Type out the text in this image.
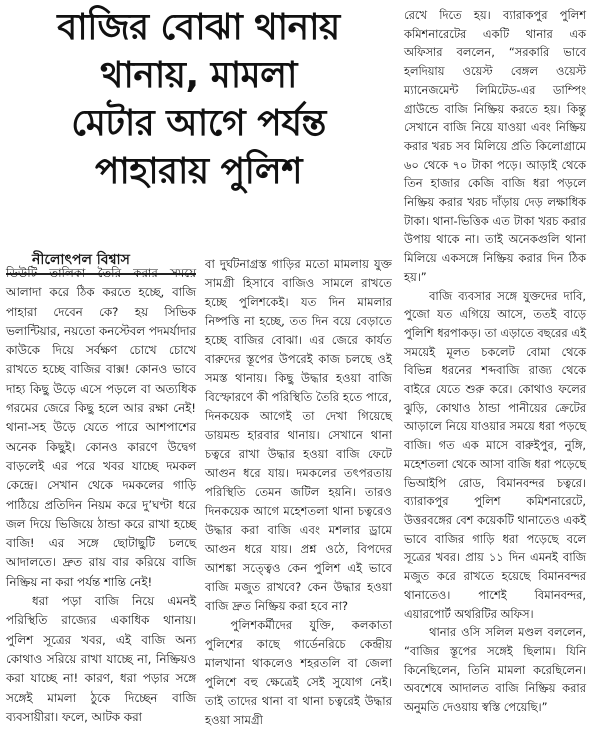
বাজির বোঝা থানায়
থানায়, মামলা
মেটার আগে পর্যন্ত
পাহারায় পুলিশ
নীলোৎপল বিশ্বাস

ডিউটি তালিকা তৈরি করার সময়ে আলাদা করে ঠিক করতে হচ্ছে, বাজি পাহারা দেবেন কে? হয় সিভিক ভলান্টিয়ার, নয়তো কনস্টেবল পদমর্যাদার কাউকে দিয়ে সর্বক্ষণ চোখে চোখে রাখতে হচ্ছে বাজির বাক্স! কোনও ভাবে দাহ্য কিছু উড়ে এসে পড়লে বা অত্যধিক গরমের জেরে কিছু হলে আর রক্ষা নেই! থানা-সহ উড়ে যেতে পারে আশপাশের অনেক কিছুই। কোনও কারণে উদ্বেগ বাড়লেই এর পরে খবর যাচ্ছে দমকল কেন্দ্রে। সেখান থেকে দমকলের গাড়ি পাঠিয়ে প্রতিদিন নিয়ম করে দু’ঘণ্টা ধরে জল দিয়ে ভিজিয়ে ঠান্ডা করে রাখা হচ্ছে বাজি! এর সঙ্গে ছোটাছুটি চলছে আদালতে। দ্রুত রায় বার করিয়ে বাজি নিষ্ক্রিয় না করা পর্যন্ত শান্তি নেই!

ধরা পড়া বাজি নিয়ে এমনই পরিস্থিতি রাজ্যের একাধিক থানায়। পুলিশ সূত্রের খবর, এই বাজি অন্য কোথাও সরিয়ে রাখা যাচ্ছে না, নিষ্ক্রিয়ও করা যাচ্ছে না! কারণ, ধরা পড়ার সঙ্গে সঙ্গেই মামলা ঠুকে দিচ্ছেন বাজি ব্যবসায়ীরা। ফলে, আটক করা

বা দুর্ঘটনাগ্রস্ত গাড়ির মতো মামলায় যুক্ত সামগ্রী হিসাবে বাজিও সামলে রাখতে হচ্ছে পুলিশকেই। যত দিন মামলার নিষ্পত্তি না হচ্ছে, তত দিন বয়ে বেড়াতে হচ্ছে বাজির বোঝা। এর জেরে কার্যত বারুদের স্তূপের উপরেই কাজ চলছে ওই সমস্ত থানায়। কিছু উদ্ধার হওয়া বাজি বিস্ফোরণে কী পরিস্থিতি তৈরি হতে পারে, দিনকয়েক আগেই তা দেখা গিয়েছে ডায়মন্ড হারবার থানায়। সেখানে থানা চত্বরে রাখা উদ্ধার হওয়া বাজি ফেটে আগুন ধরে যায়। দমকলের তৎপরতায় পরিস্থিতি তেমন জটিল হয়নি। তারও দিনকয়েক আগে মহেশতলা থানা চত্বরেও উদ্ধার করা বাজি এবং মশলার ড্রামে আগুন ধরে যায়। প্রশ্ন ওঠে, বিপদের আশঙ্কা সত্ত্বেও কেন পুলিশ এই ভাবে বাজি মজুত রাখবে? কেন উদ্ধার হওয়া বাজি দ্রুত নিষ্ক্রিয় করা হবে না?

পুলিশকর্মীদের যুক্তি, কলকাতা পুলিশের কাছে গার্ডেনরিচে কেন্দ্রীয় মালখানা থাকলেও শহরতলি বা জেলা পুলিশে বহু ক্ষেত্রেই সেই সুযোগ নেই। তাই তাদের থানা বা থানা চত্বরেই উদ্ধার হওয়া সামগ্রী

রেখে দিতে হয়। ব্যারাকপুর পুলিশ কমিশনারেটের একটি থানার এক অফিসার বললেন, “সরকারি ভাবে হলদিয়ায় ওয়েস্ট বেঙ্গল ওয়েস্ট ম্যানেজমেন্ট লিমিটেড-এর ডাম্পিং গ্রাউন্ডে বাজি নিষ্ক্রিয় করতে হয়। কিন্তু সেখানে বাজি নিয়ে যাওয়া এবং নিষ্ক্রিয় করার খরচ সব মিলিয়ে প্রতি কিলোগ্রামে ৬০ থেকে ৭০ টাকা পড়ে। আড়াই থেকে তিন হাজার কেজি বাজি ধরা পড়লে নিষ্ক্রিয় করার খরচ দাঁড়ায় দেড় লক্ষাধিক টাকা। থানা-ভিত্তিক এত টাকা খরচ করার উপায় থাকে না। তাই অনেকগুলি থানা মিলিয়ে একসঙ্গে নিষ্ক্রিয় করার দিন ঠিক হয়।”

বাজি ব্যবসার সঙ্গে যুক্তদের দাবি, পুজো যত এগিয়ে আসে, ততই বাড়ে পুলিশি ধরপাকড়। তা এড়াতে বছরের এই সময়েই মূলত চকলেট বোমা থেকে বিভিন্ন ধরনের শব্দবাজি রাজ্য থেকে বাইরে যেতে শুরু করে। কোথাও ফলের ঝুড়ি, কোথাও ঠান্ডা পানীয়ের ক্রেটের আড়ালে নিয়ে যাওয়ার সময়ে ধরা পড়ছে বাজি। গত এক মাসে বারুইপুর, নুঙ্গি, মহেশতলা থেকে আসা বাজি ধরা পড়েছে ভিআইপি রোড, বিমানবন্দর চত্বরে। ব্যারাকপুর পুলিশ কমিশনারেটে, উত্তরবঙ্গের বেশ কয়েকটি থানাতেও একই ভাবে বাজির গাড়ি ধরা পড়েছে বলে সূত্রের খবর। প্রায় ১১ দিন এমনই বাজি মজুত করে রাখতে হয়েছে বিমানবন্দর থানাতেও। পাশেই বিমানবন্দর, এয়ারপোর্ট অথরিটির অফিস।

থানার ওসি সলিল মণ্ডল বললেন, “বাজির স্তূপের সঙ্গেই ছিলাম। যিনি কিনেছিলেন, তিনি মামলা করেছিলেন। অবশেষে আদালত বাজি নিষ্ক্রিয় করার অনুমতি দেওয়ায় স্বস্তি পেয়েছি।”
